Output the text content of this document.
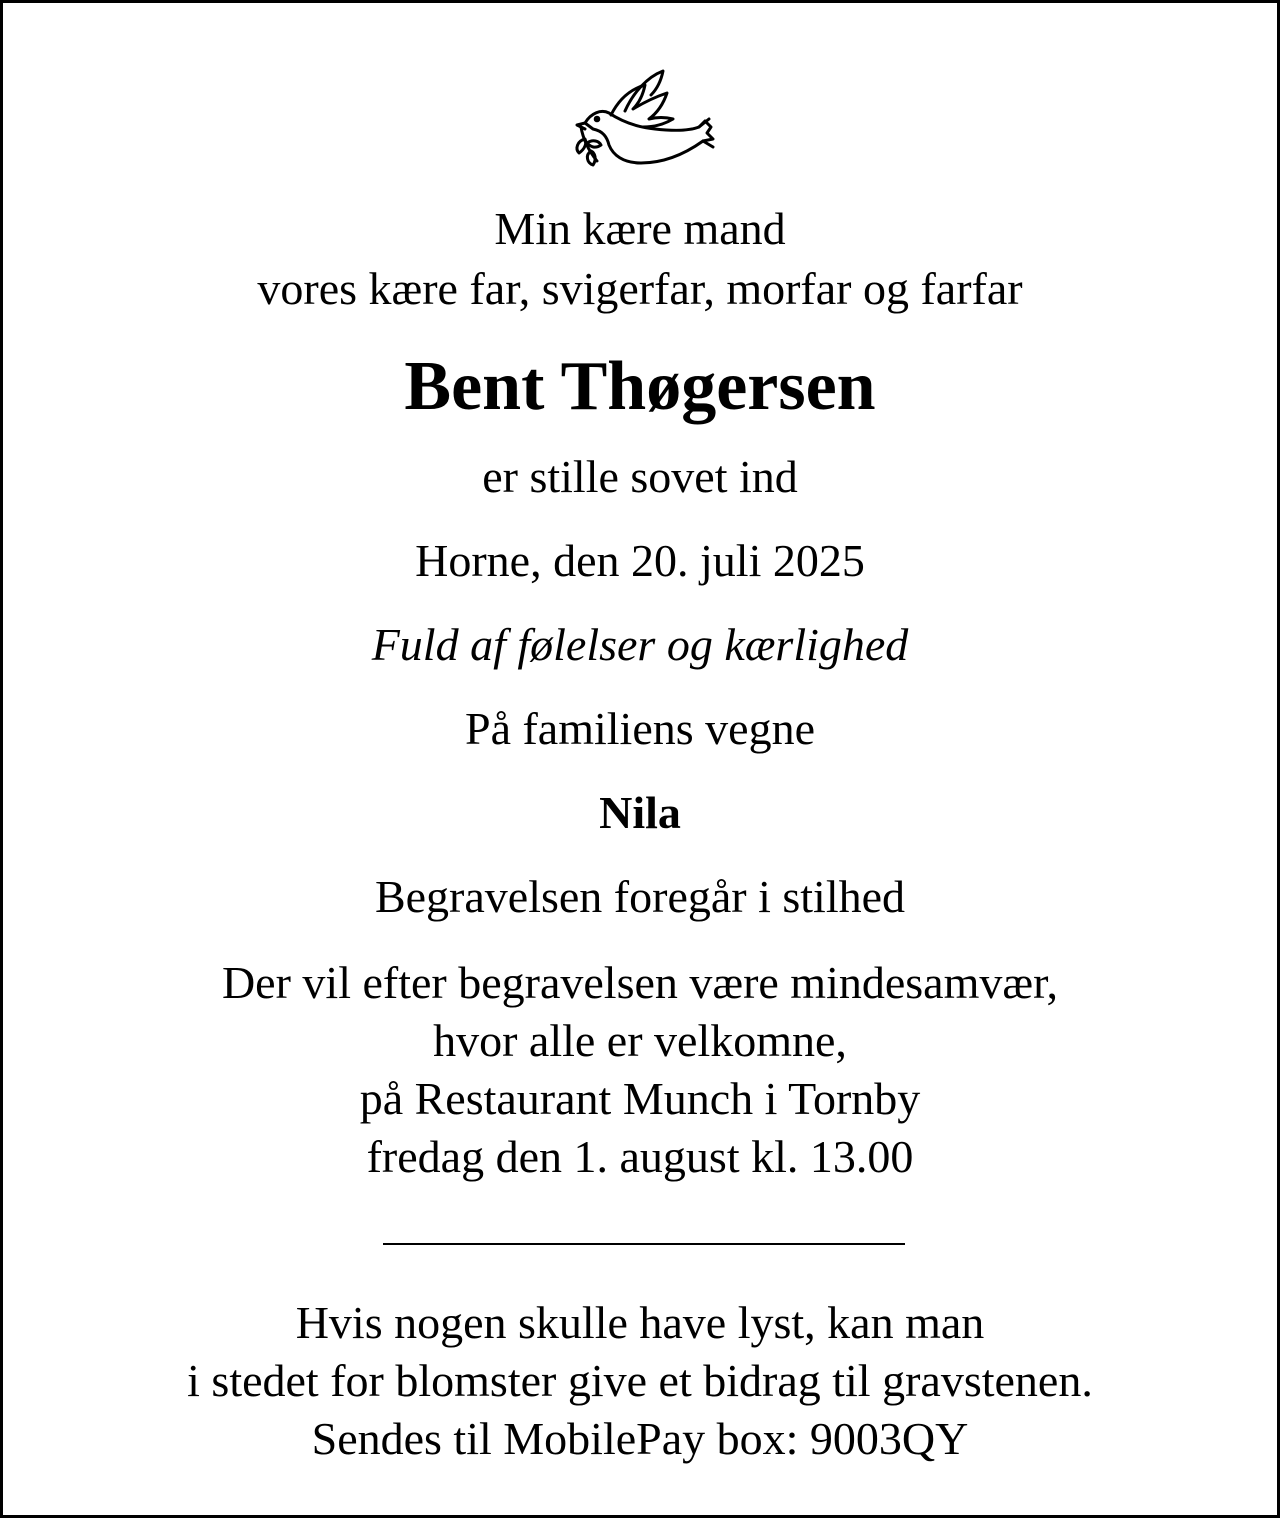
Min kære mand

vores kære far, svigerfar, morfar og farfar

Bent Thøgersen

er stille sovet ind

Horne, den 20. juli 2025

Fuld af følelser og kærlighed

På familiens vegne

Nila

Begravelsen foregår i stilhed

Der vil efter begravelsen være mindesamvær,

hvor alle er velkomne,

på Restaurant Munch i Tornby

fredag den 1. august kl. 13.00

Hvis nogen skulle have lyst, kan man

i stedet for blomster give et bidrag til gravstenen.

Sendes til MobilePay box: 9003QY
